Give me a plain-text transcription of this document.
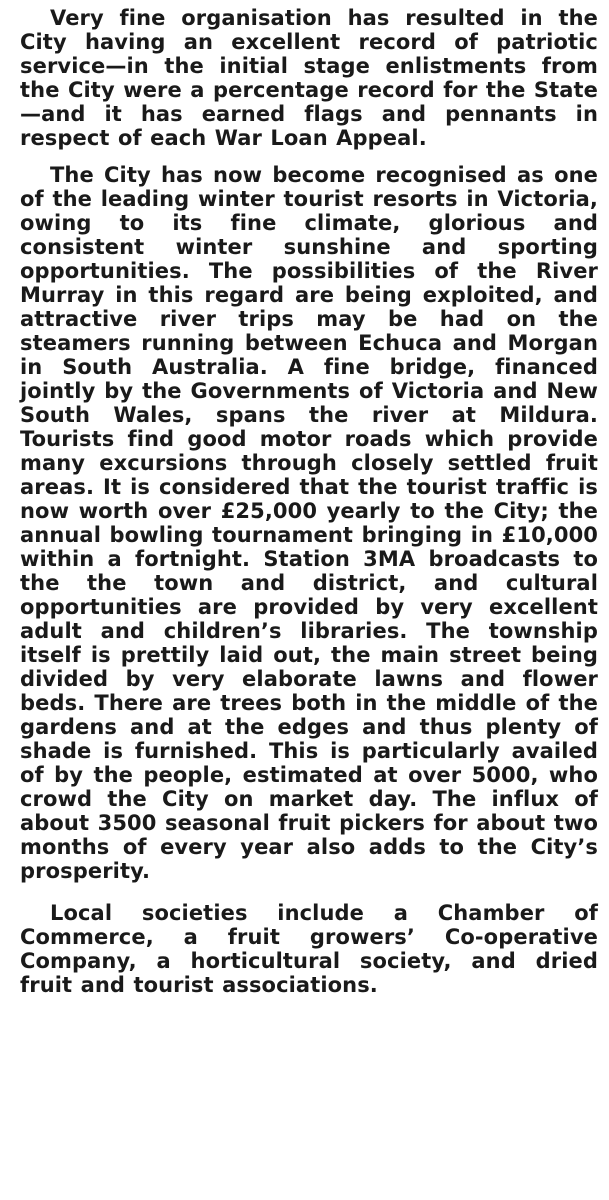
Very fine organisation has resulted in the City having an excellent record of patriotic service—in the initial stage enlistments from the City were a percentage record for the State—and it has earned flags and pennants in respect of each War Loan Appeal.

The City has now become recognised as one of the leading winter tourist resorts in Victoria, owing to its fine climate, glorious and consistent winter sunshine and sporting opportunities. The possibilities of the River Murray in this regard are being exploited, and attractive river trips may be had on the steamers running between Echuca and Morgan in South Australia. A fine bridge, financed jointly by the Governments of Victoria and New South Wales, spans the river at Mildura. Tourists find good motor roads which provide many excursions through closely settled fruit areas. It is considered that the tourist traffic is now worth over £25,000 yearly to the City; the annual bowling tournament bringing in £10,000 within a fortnight. Station 3MA broadcasts to the the town and district, and cultural opportunities are provided by very excellent adult and children’s libraries. The township itself is prettily laid out, the main street being divided by very elaborate lawns and flower beds. There are trees both in the middle of the gardens and at the edges and thus plenty of shade is furnished. This is particularly availed of by the people, estimated at over 5000, who crowd the City on market day. The influx of about 3500 seasonal fruit pickers for about two months of every year also adds to the City’s prosperity.

Local societies include a Chamber of Commerce, a fruit growers’ Co-operative Company, a horticultural society, and dried fruit and tourist associations.
